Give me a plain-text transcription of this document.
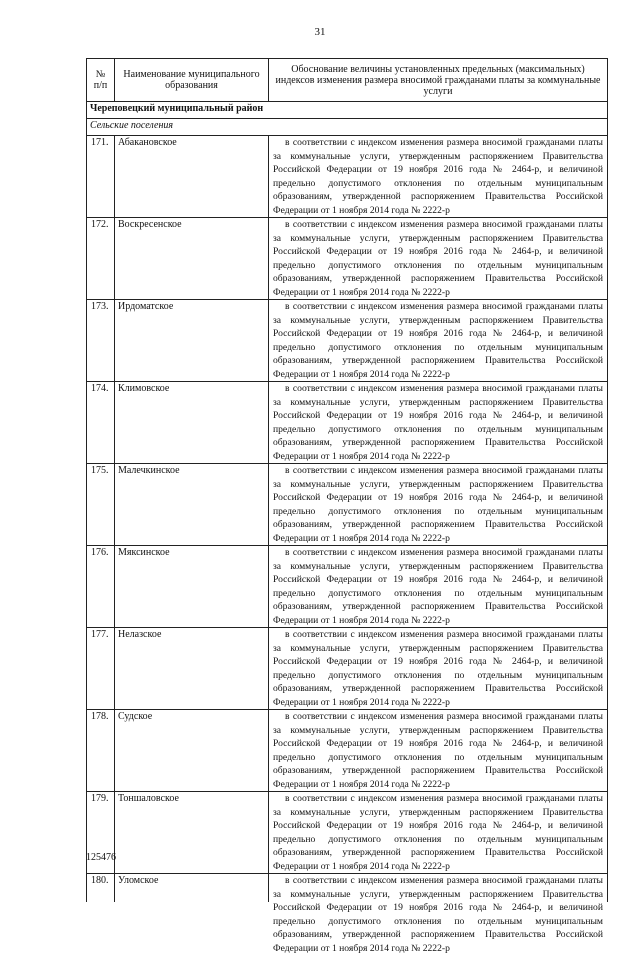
31
№
п/п	Наименование муниципального образования	Обоснование величины установленных предельных (максимальных) индексов изменения размера вносимой гражданами платы за коммунальные услуги
Череповецкий муниципальный район		
Сельские поселения		
171.	Абакановское	в соответствии с индексом изменения размера вносимой гражданами платы за коммунальные услуги, утвержденным распоряжением Правительства Российской Федерации от 19 ноября 2016 года № 2464-р, и величиной предельно допустимого отклонения по отдельным муниципальным образованиям, утвержденной распоряжением Правительства Российской Федерации от 1 ноября 2014 года № 2222-р

172.	Воскресенское	в соответствии с индексом изменения размера вносимой гражданами платы за коммунальные услуги, утвержденным распоряжением Правительства Российской Федерации от 19 ноября 2016 года № 2464-р, и величиной предельно допустимого отклонения по отдельным муниципальным образованиям, утвержденной распоряжением Правительства Российской Федерации от 1 ноября 2014 года № 2222-р

173.	Ирдоматское	в соответствии с индексом изменения размера вносимой гражданами платы за коммунальные услуги, утвержденным распоряжением Правительства Российской Федерации от 19 ноября 2016 года № 2464-р, и величиной предельно допустимого отклонения по отдельным муниципальным образованиям, утвержденной распоряжением Правительства Российской Федерации от 1 ноября 2014 года № 2222-р

174.	Климовское	в соответствии с индексом изменения размера вносимой гражданами платы за коммунальные услуги, утвержденным распоряжением Правительства Российской Федерации от 19 ноября 2016 года № 2464-р, и величиной предельно допустимого отклонения по отдельным муниципальным образованиям, утвержденной распоряжением Правительства Российской Федерации от 1 ноября 2014 года № 2222-р

175.	Малечкинское	в соответствии с индексом изменения размера вносимой гражданами платы за коммунальные услуги, утвержденным распоряжением Правительства Российской Федерации от 19 ноября 2016 года № 2464-р, и величиной предельно допустимого отклонения по отдельным муниципальным образованиям, утвержденной распоряжением Правительства Российской Федерации от 1 ноября 2014 года № 2222-р

176.	Мяксинское	в соответствии с индексом изменения размера вносимой гражданами платы за коммунальные услуги, утвержденным распоряжением Правительства Российской Федерации от 19 ноября 2016 года № 2464-р, и величиной предельно допустимого отклонения по отдельным муниципальным образованиям, утвержденной распоряжением Правительства Российской Федерации от 1 ноября 2014 года № 2222-р

177.	Нелазское	в соответствии с индексом изменения размера вносимой гражданами платы за коммунальные услуги, утвержденным распоряжением Правительства Российской Федерации от 19 ноября 2016 года № 2464-р, и величиной предельно допустимого отклонения по отдельным муниципальным образованиям, утвержденной распоряжением Правительства Российской Федерации от 1 ноября 2014 года № 2222-р

178.	Судское	в соответствии с индексом изменения размера вносимой гражданами платы за коммунальные услуги, утвержденным распоряжением Правительства Российской Федерации от 19 ноября 2016 года № 2464-р, и величиной предельно допустимого отклонения по отдельным муниципальным образованиям, утвержденной распоряжением Правительства Российской Федерации от 1 ноября 2014 года № 2222-р

179.	Тоншаловское	в соответствии с индексом изменения размера вносимой гражданами платы за коммунальные услуги, утвержденным распоряжением Правительства Российской Федерации от 19 ноября 2016 года № 2464-р, и величиной предельно допустимого отклонения по отдельным муниципальным образованиям, утвержденной распоряжением Правительства Российской Федерации от 1 ноября 2014 года № 2222-р

180.	Уломское	в соответствии с индексом изменения размера вносимой гражданами платы за коммунальные услуги, утвержденным распоряжением Правительства Российской Федерации от 19 ноября 2016 года № 2464-р, и величиной предельно допустимого отклонения по отдельным муниципальным образованиям, утвержденной распоряжением Правительства Российской Федерации от 1 ноября 2014 года № 2222-р
125476
